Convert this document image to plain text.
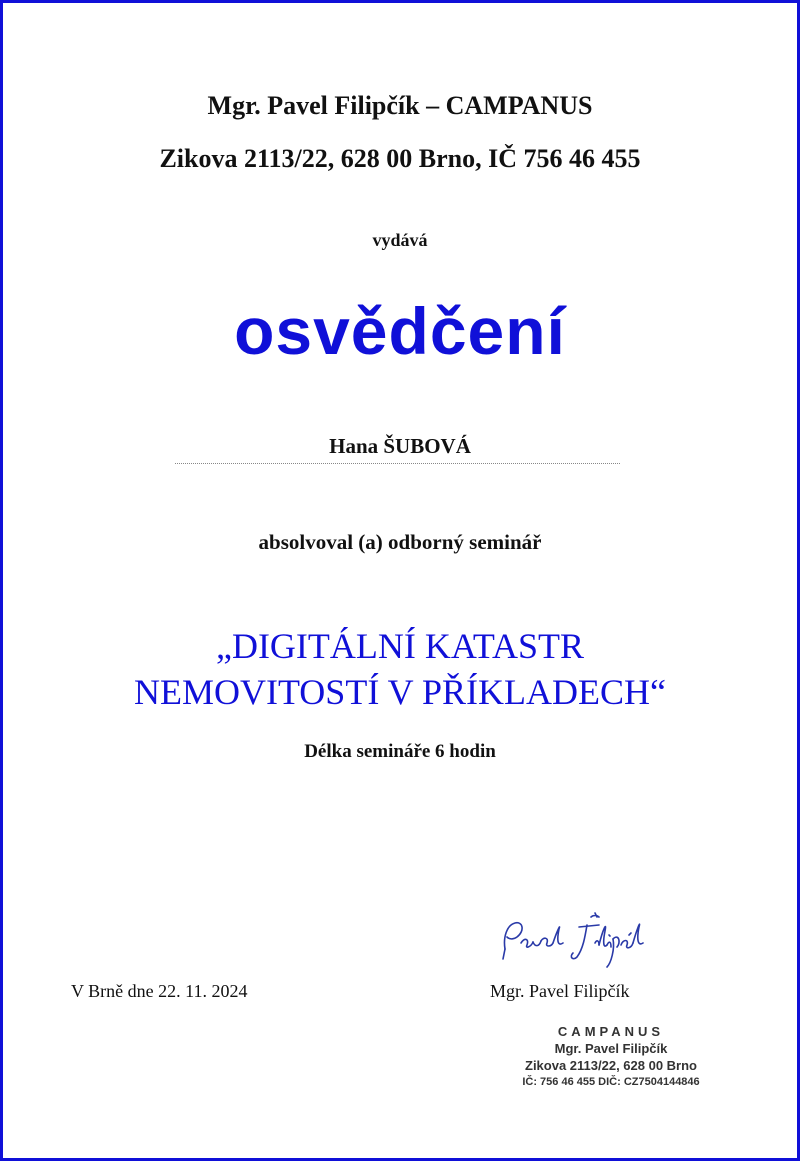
Mgr. Pavel Filipčík – CAMPANUS
Zikova 2113/22, 628 00 Brno, IČ 756 46 455
vydává
osvědčení
Hana ŠUBOVÁ
absolvoval (a) odborný seminář
„DIGITÁLNÍ KATASTR
NEMOVITOSTÍ V PŘÍKLADECH“
Délka semináře 6 hodin
V Brně dne 22. 11. 2024	Mgr. Pavel Filipčík
CAMPANUS
Mgr. Pavel Filipčík
Zikova 2113/22, 628 00 Brno
IČ: 756 46 455 DIČ: CZ7504144846
